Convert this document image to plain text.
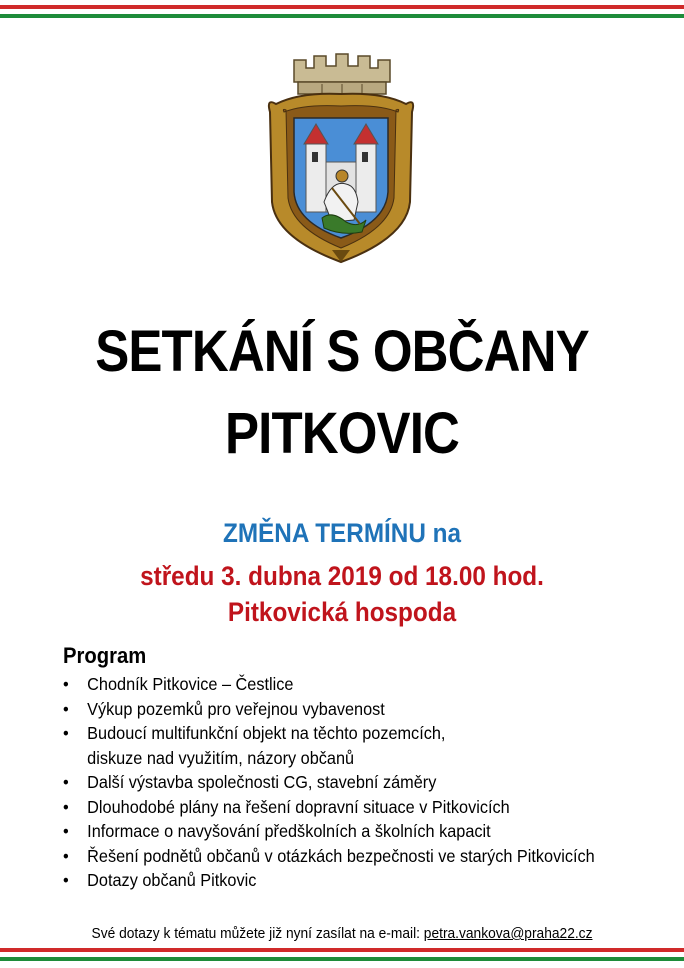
SETKÁNÍ S OBČANY
PITKOVIC
ZMĚNA TERMÍNU na
středu 3. dubna 2019 od 18.00 hod.
Pitkovická hospoda
Program
• Chodník Pitkovice – Čestlice
• Výkup pozemků pro veřejnou vybavenost
• Budoucí multifunkční objekt na těchto pozemcích,
diskuze nad využitím, názory občanů
• Další výstavba společnosti CG, stavební záměry
• Dlouhodobé plány na řešení dopravní situace v Pitkovicích
• Informace o navyšování předškolních a školních kapacit
• Řešení podnětů občanů v otázkách bezpečnosti ve starých Pitkovicích
• Dotazy občanů Pitkovic
Své dotazy k tématu můžete již nyní zasílat na e-mail: petra.vankova@praha22.cz
